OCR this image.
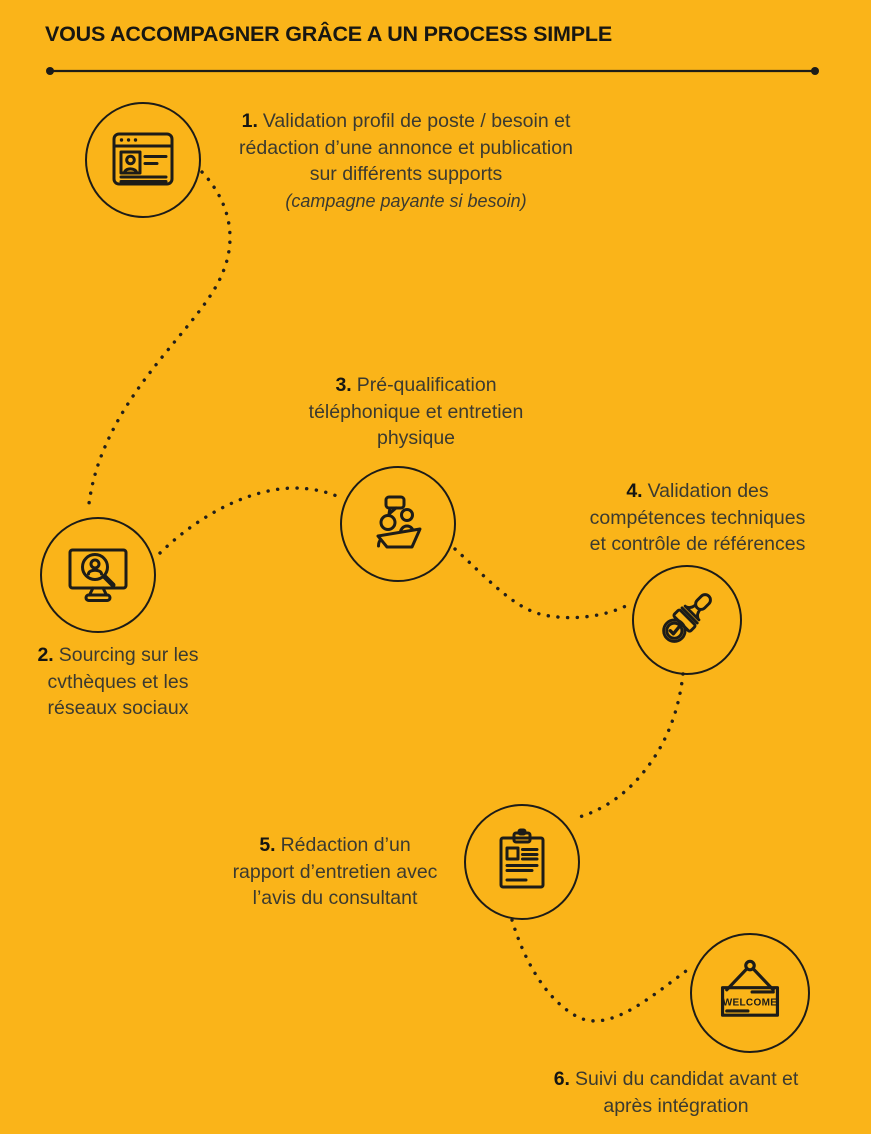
VOUS ACCOMPAGNER GRÂCE A UN PROCESS SIMPLE
WELCOME
1. Validation profil de poste / besoin et
rédaction d’une annonce et publication
sur différents supports
(campagne payante si besoin)
2. Sourcing sur les
cvthèques et les
réseaux sociaux
3. Pré-qualification
téléphonique et entretien
physique
4. Validation des
compétences techniques
et contrôle de références
5. Rédaction d’un
rapport d’entretien avec
l’avis du consultant
6. Suivi du candidat avant et
après intégration
